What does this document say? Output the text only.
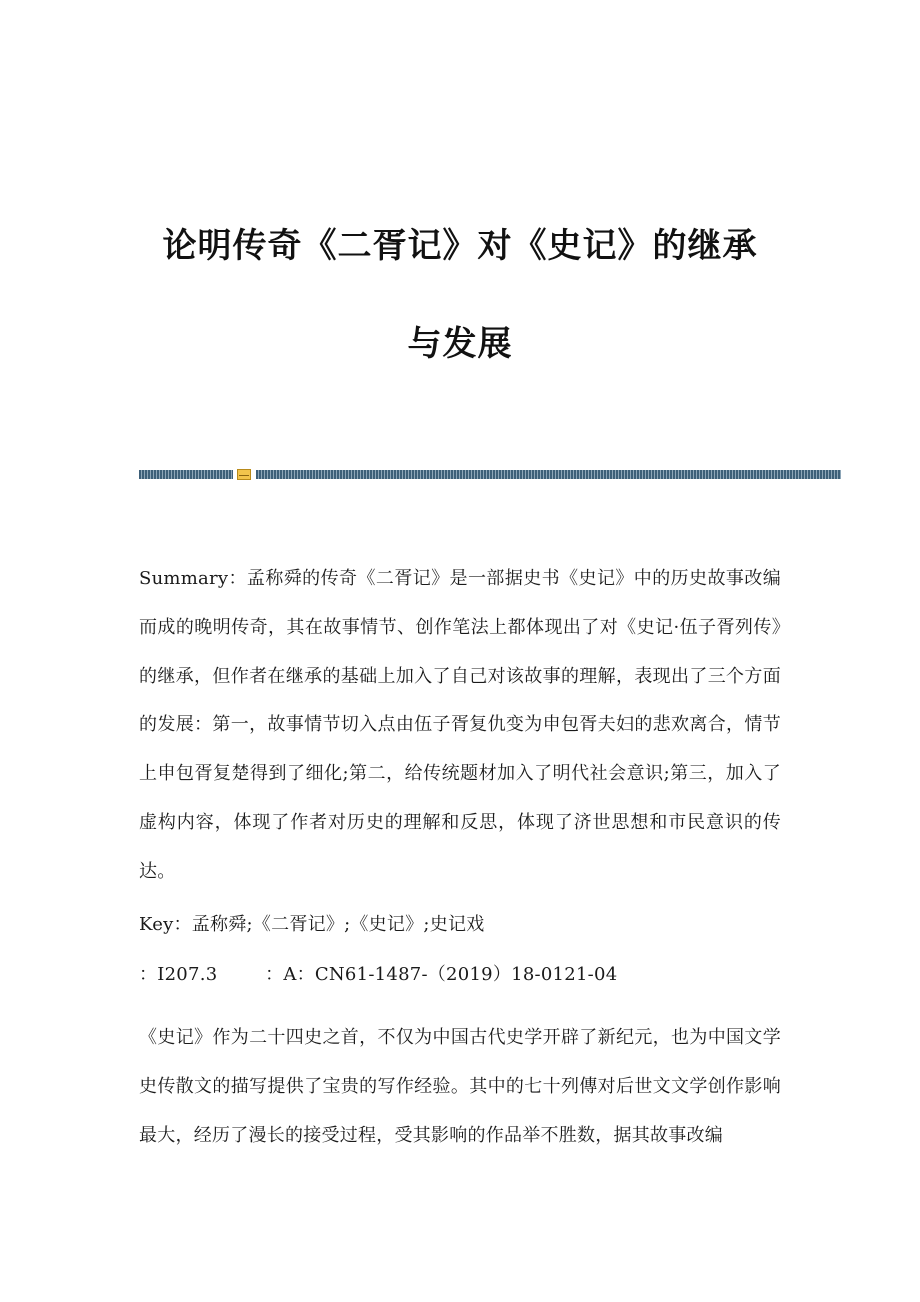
论明传奇《二胥记》对《史记》的继承
与发展

Summary：孟称舜的传奇《二胥记》是一部据史书《史记》中的历史故事改编而成的晚明传奇，其在故事情节、创作笔法上都体现出了对《史记·伍子胥列传》的继承，但作者在继承的基础上加入了自己对该故事的理解，表现出了三个方面的发展：第一，故事情节切入点由伍子胥复仇变为申包胥夫妇的悲欢离合，情节上申包胥复楚得到了细化;第二，给传统题材加入了明代社会意识;第三，加入了虚构内容，体现了作者对历史的理解和反思，体现了济世思想和市民意识的传达。

Key：孟称舜;《二胥记》;《史记》;史记戏

：I207.3        ：A：CN61-1487-（2019）18-0121-04

《史记》作为二十四史之首，不仅为中国古代史学开辟了新纪元，也为中国文学史传散文的描写提供了宝贵的写作经验。其中的七十列傳对后世文文学创作影响最大，经历了漫长的接受过程，受其影响的作品举不胜数，据其故事改编
